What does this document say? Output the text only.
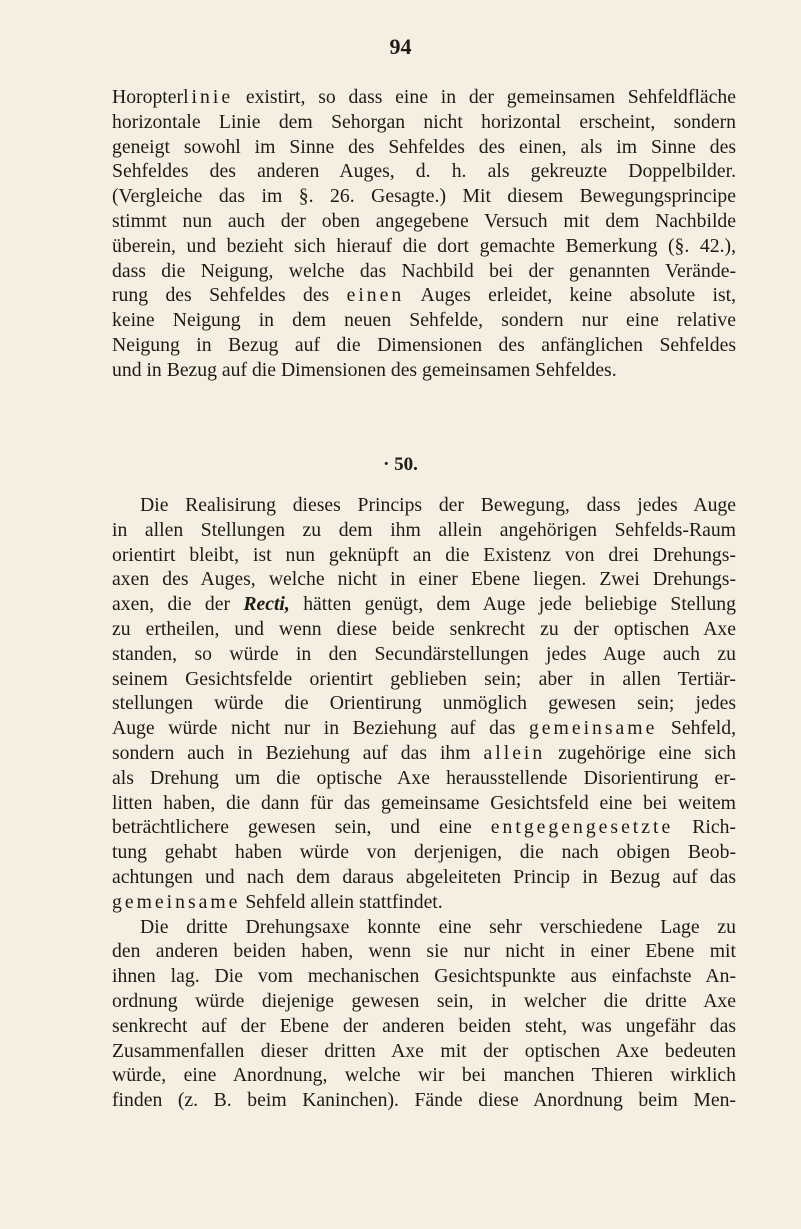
94
Horopterlinie existirt, so dass eine in der gemeinsamen Sehfeldfläche
horizontale Linie dem Sehorgan nicht horizontal erscheint, sondern
geneigt sowohl im Sinne des Sehfeldes des einen, als im Sinne des
Sehfeldes des anderen Auges, d. h. als gekreuzte Doppelbilder.
(Vergleiche das im §. 26. Gesagte.) Mit diesem Bewegungsprincipe
stimmt nun auch der oben angegebene Versuch mit dem Nachbilde
überein, und bezieht sich hierauf die dort gemachte Bemerkung (§. 42.),
dass die Neigung, welche das Nachbild bei der genannten Verände-
rung des Sehfeldes des einen Auges erleidet, keine absolute ist,
keine Neigung in dem neuen Sehfelde, sondern nur eine relative
Neigung in Bezug auf die Dimensionen des anfänglichen Sehfeldes
und in Bezug auf die Dimensionen des gemeinsamen Sehfeldes.
· 50.
Die Realisirung dieses Princips der Bewegung, dass jedes Auge
in allen Stellungen zu dem ihm allein angehörigen Sehfelds-Raum
orientirt bleibt, ist nun geknüpft an die Existenz von drei Drehungs-
axen des Auges, welche nicht in einer Ebene liegen. Zwei Drehungs-
axen, die der Recti, hätten genügt, dem Auge jede beliebige Stellung
zu ertheilen, und wenn diese beide senkrecht zu der optischen Axe
standen, so würde in den Secundärstellungen jedes Auge auch zu
seinem Gesichtsfelde orientirt geblieben sein; aber in allen Tertiär-
stellungen würde die Orientirung unmöglich gewesen sein; jedes
Auge würde nicht nur in Beziehung auf das gemeinsame Sehfeld,
sondern auch in Beziehung auf das ihm allein zugehörige eine sich
als Drehung um die optische Axe herausstellende Disorientirung er-
litten haben, die dann für das gemeinsame Gesichtsfeld eine bei weitem
beträchtlichere gewesen sein, und eine entgegengesetzte Rich-
tung gehabt haben würde von derjenigen, die nach obigen Beob-
achtungen und nach dem daraus abgeleiteten Princip in Bezug auf das
gemeinsame Sehfeld allein stattfindet.
Die dritte Drehungsaxe konnte eine sehr verschiedene Lage zu
den anderen beiden haben, wenn sie nur nicht in einer Ebene mit
ihnen lag. Die vom mechanischen Gesichtspunkte aus einfachste An-
ordnung würde diejenige gewesen sein, in welcher die dritte Axe
senkrecht auf der Ebene der anderen beiden steht, was ungefähr das
Zusammenfallen dieser dritten Axe mit der optischen Axe bedeuten
würde, eine Anordnung, welche wir bei manchen Thieren wirklich
finden (z. B. beim Kaninchen). Fände diese Anordnung beim Men-
